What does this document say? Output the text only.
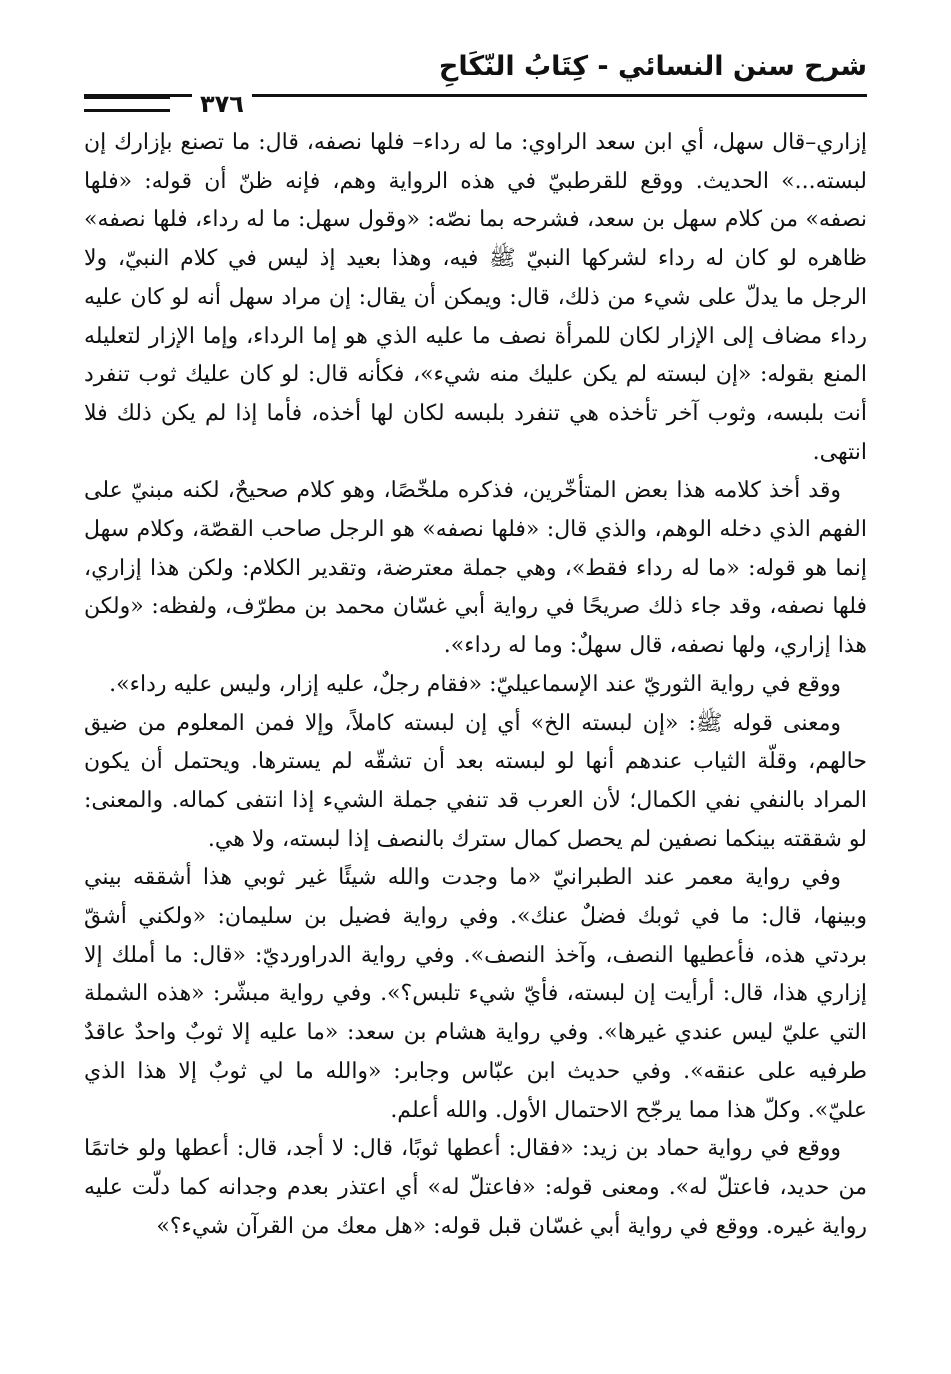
شرح سنن النسائي - كِتَابُ النّكَاحِ
٣٧٦

إزاري–قال سهل، أي ابن سعد الراوي: ما له رداء– فلها نصفه، قال: ما تصنع بإزارك إن لبسته...» الحديث. ووقع للقرطبيّ في هذه الرواية وهم، فإنه ظنّ أن قوله: «فلها نصفه» من كلام سهل بن سعد، فشرحه بما نصّه: «وقول سهل: ما له رداء، فلها نصفه» ظاهره لو كان له رداء لشركها النبيّ ﷺ فيه، وهذا بعيد إذ ليس في كلام النبيّ، ولا الرجل ما يدلّ على شيء من ذلك، قال: ويمكن أن يقال: إن مراد سهل أنه لو كان عليه رداء مضاف إلى الإزار لكان للمرأة نصف ما عليه الذي هو إما الرداء، وإما الإزار لتعليله المنع بقوله: «إن لبسته لم يكن عليك منه شيء»، فكأنه قال: لو كان عليك ثوب تنفرد أنت بلبسه، وثوب آخر تأخذه هي تنفرد بلبسه لكان لها أخذه، فأما إذا لم يكن ذلك فلا انتهى.

وقد أخذ كلامه هذا بعض المتأخّرين، فذكره ملخّصًا، وهو كلام صحيحٌ، لكنه مبنيّ على الفهم الذي دخله الوهم، والذي قال: «فلها نصفه» هو الرجل صاحب القصّة، وكلام سهل إنما هو قوله: «ما له رداء فقط»، وهي جملة معترضة، وتقدير الكلام: ولكن هذا إزاري، فلها نصفه، وقد جاء ذلك صريحًا في رواية أبي غسّان محمد بن مطرّف، ولفظه: «ولكن هذا إزاري، ولها نصفه، قال سهلٌ: وما له رداء».

ووقع في رواية الثوريّ عند الإسماعيليّ: «فقام رجلٌ، عليه إزار، وليس عليه رداء».

ومعنى قوله ﷺ: «إن لبسته الخ» أي إن لبسته كاملاً، وإلا فمن المعلوم من ضيق حالهم، وقلّة الثياب عندهم أنها لو لبسته بعد أن تشقّه لم يسترها. ويحتمل أن يكون المراد بالنفي نفي الكمال؛ لأن العرب قد تنفي جملة الشيء إذا انتفى كماله. والمعنى: لو شققته بينكما نصفين لم يحصل كمال سترك بالنصف إذا لبسته، ولا هي.

وفي رواية معمر عند الطبرانيّ «ما وجدت والله شيئًا غير ثوبي هذا أشققه بيني وبينها، قال: ما في ثوبك فضلٌ عنك». وفي رواية فضيل بن سليمان: «ولكني أشقّ بردتي هذه، فأعطيها النصف، وآخذ النصف». وفي رواية الدراورديّ: «قال: ما أملك إلا إزاري هذا، قال: أرأيت إن لبسته، فأيّ شيء تلبس؟». وفي رواية مبشّر: «هذه الشملة التي عليّ ليس عندي غيرها». وفي رواية هشام بن سعد: «ما عليه إلا ثوبٌ واحدٌ عاقدٌ طرفيه على عنقه». وفي حديث ابن عبّاس وجابر: «والله ما لي ثوبٌ إلا هذا الذي عليّ». وكلّ هذا مما يرجّح الاحتمال الأول. والله أعلم.

ووقع في رواية حماد بن زيد: «فقال: أعطها ثوبًا، قال: لا أجد، قال: أعطها ولو خاتمًا من حديد، فاعتلّ له». ومعنى قوله: «فاعتلّ له» أي اعتذر بعدم وجدانه كما دلّت عليه رواية غيره. ووقع في رواية أبي غسّان قبل قوله: «هل معك من القرآن شيء؟»
